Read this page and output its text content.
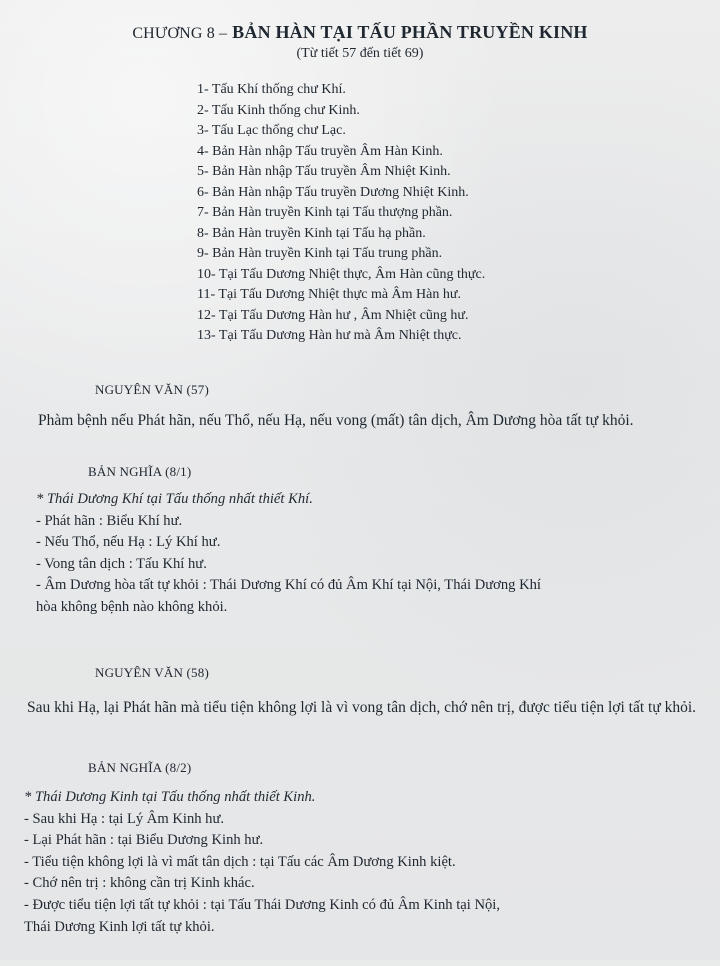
CHƯƠNG 8 – BẢN HÀN TẠI TẤU PHẦN TRUYỀN KINH
(Từ tiết 57 đến tiết 69)
1- Tấu Khí thống chư Khí.
2- Tấu Kinh thống chư Kinh.
3- Tấu Lạc thống chư Lạc.
4- Bản Hàn nhập Tấu truyền Âm Hàn Kinh.
5- Bản Hàn nhập Tấu truyền Âm Nhiệt Kinh.
6- Bản Hàn nhập Tấu truyền Dương Nhiệt Kinh.
7- Bản Hàn truyền Kinh tại Tấu thượng phần.
8- Bản Hàn truyền Kinh tại Tấu hạ phần.
9- Bản Hàn truyền Kinh tại Tấu trung phần.
10- Tại Tấu Dương Nhiệt thực, Âm Hàn cũng thực.
11- Tại Tấu Dương Nhiệt thực mà Âm Hàn hư.
12- Tại Tấu Dương Hàn hư , Âm Nhiệt cũng hư.
13- Tại Tấu Dương Hàn hư mà Âm Nhiệt thực.
NGUYÊN VĂN (57)
Phàm bệnh nếu Phát hãn, nếu Thổ, nếu Hạ, nếu vong (mất) tân dịch, Âm Dương hòa tất tự khỏi.
BẢN NGHĨA (8/1)
* Thái Dương Khí tại Tấu thống nhất thiết Khí.
- Phát hãn : Biểu Khí hư.
- Nếu Thổ, nếu Hạ : Lý Khí hư.
- Vong tân dịch : Tấu Khí hư.
- Âm Dương hòa tất tự khỏi : Thái Dương Khí có đủ Âm Khí tại Nội, Thái Dương Khí
hòa không bệnh nào không khỏi.
NGUYÊN VĂN (58)
Sau khi Hạ, lại Phát hãn mà tiểu tiện không lợi là vì vong tân dịch, chớ nên trị, được tiểu tiện lợi tất tự khỏi.
BẢN NGHĨA (8/2)
* Thái Dương Kinh tại Tấu thống nhất thiết Kinh.
- Sau khi Hạ : tại Lý Âm Kinh hư.
- Lại Phát hãn : tại Biểu Dương Kinh hư.
- Tiểu tiện không lợi là vì mất tân dịch : tại Tấu các Âm Dương Kinh kiệt.
- Chớ nên trị : không cần trị Kinh khác.
- Được tiểu tiện lợi tất tự khỏi : tại Tấu Thái Dương Kinh có đủ Âm Kinh tại Nội,
Thái Dương Kinh lợi tất tự khỏi.
